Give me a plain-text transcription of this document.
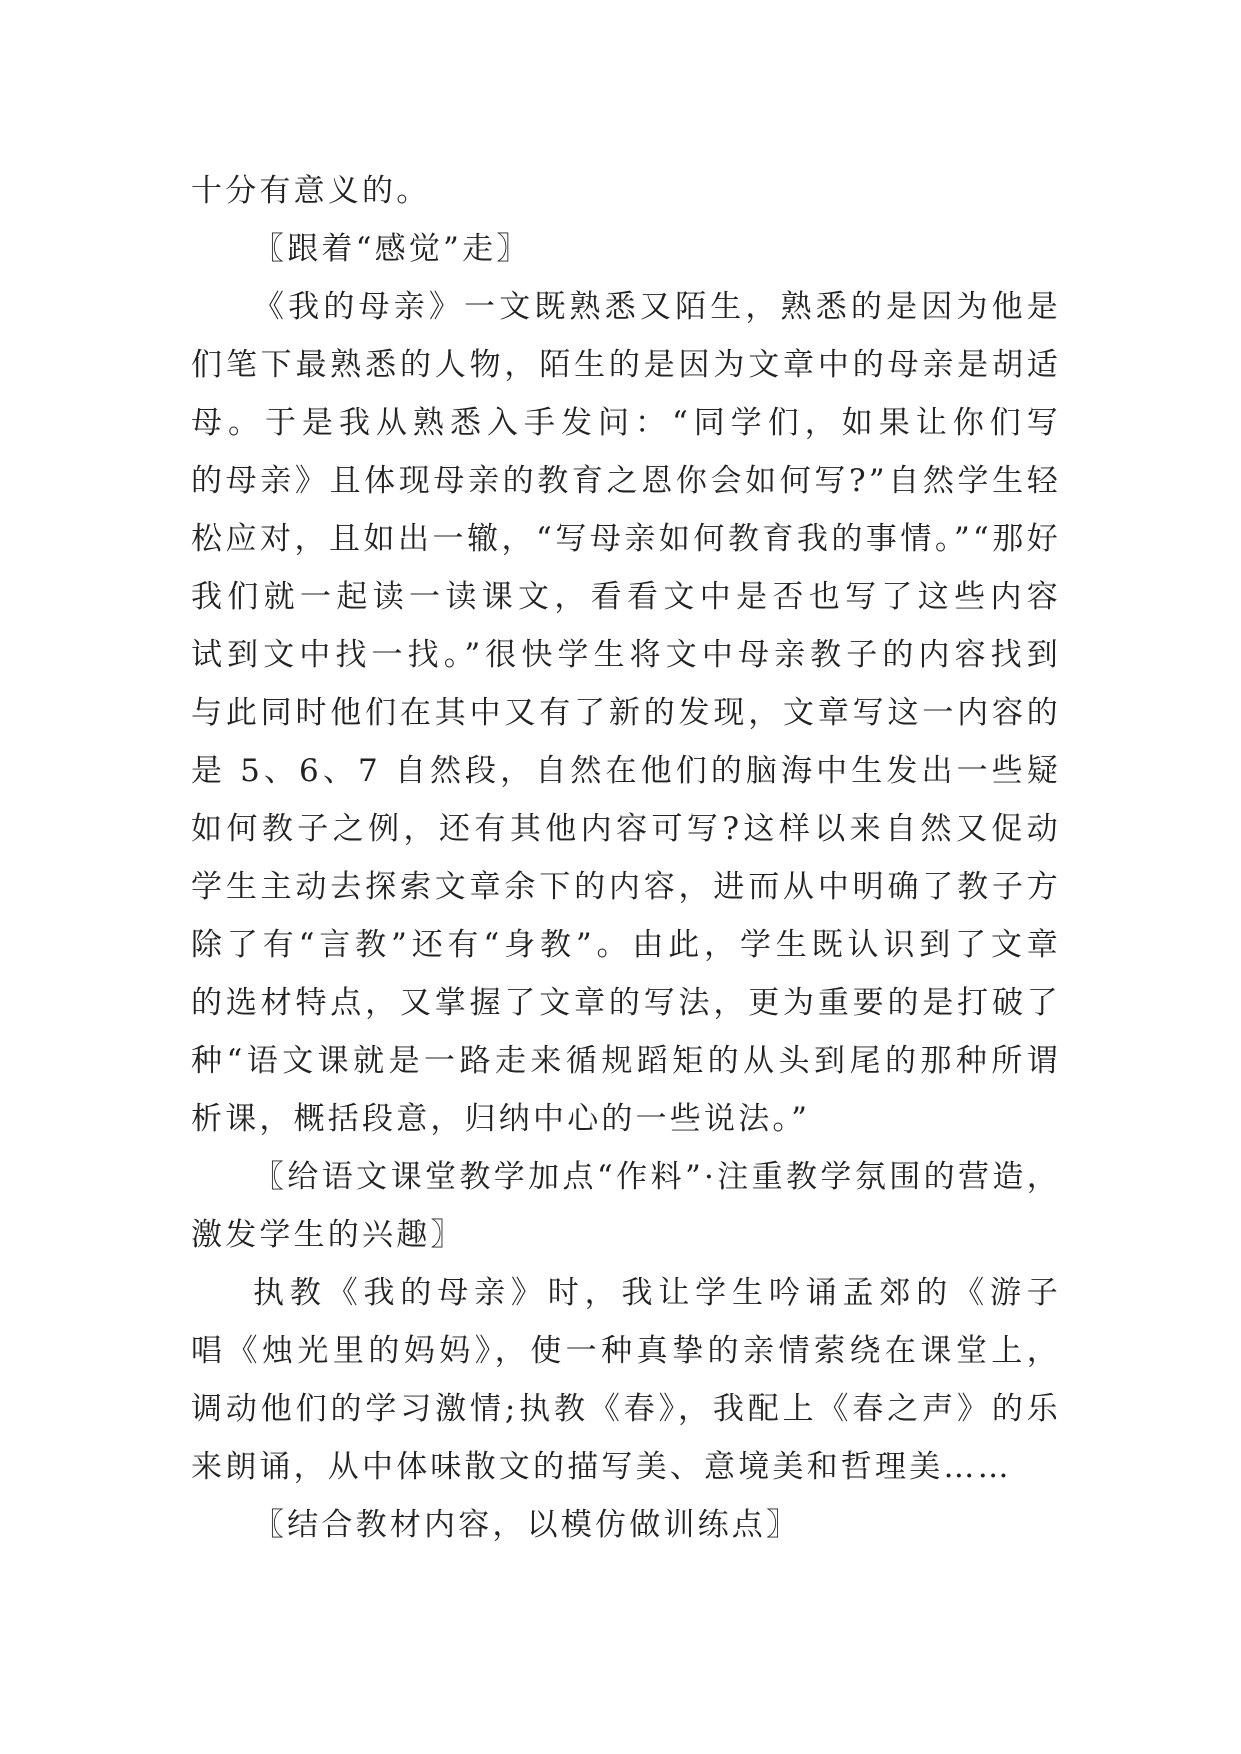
十分有意义的。
〖跟着“感觉”走〗
《我的母亲》一文既熟悉又陌生，熟悉的是因为他是
们笔下最熟悉的人物，陌生的是因为文章中的母亲是胡适
母。于是我从熟悉入手发问：“同学们，如果让你们写
的母亲》且体现母亲的教育之恩你会如何写?”自然学生轻
松应对，且如出一辙，“写母亲如何教育我的事情。”“那好
我们就一起读一读课文，看看文中是否也写了这些内容
试到文中找一找。”很快学生将文中母亲教子的内容找到
与此同时他们在其中又有了新的发现，文章写这一内容的
是 5、6、7 自然段，自然在他们的脑海中生发出一些疑
如何教子之例，还有其他内容可写?这样以来自然又促动
学生主动去探索文章余下的内容，进而从中明确了教子方
除了有“言教”还有“身教”。由此，学生既认识到了文章
的选材特点，又掌握了文章的写法，更为重要的是打破了
种“语文课就是一路走来循规蹈矩的从头到尾的那种所谓
析课，概括段意，归纳中心的一些说法。”
〖给语文课堂教学加点“作料”·注重教学氛围的营造，
激发学生的兴趣〗
执教《我的母亲》时，我让学生吟诵孟郊的《游子
唱《烛光里的妈妈》，使一种真挚的亲情萦绕在课堂上，
调动他们的学习激情;执教《春》，我配上《春之声》的乐
来朗诵，从中体味散文的描写美、意境美和哲理美……
〖结合教材内容，以模仿做训练点〗
